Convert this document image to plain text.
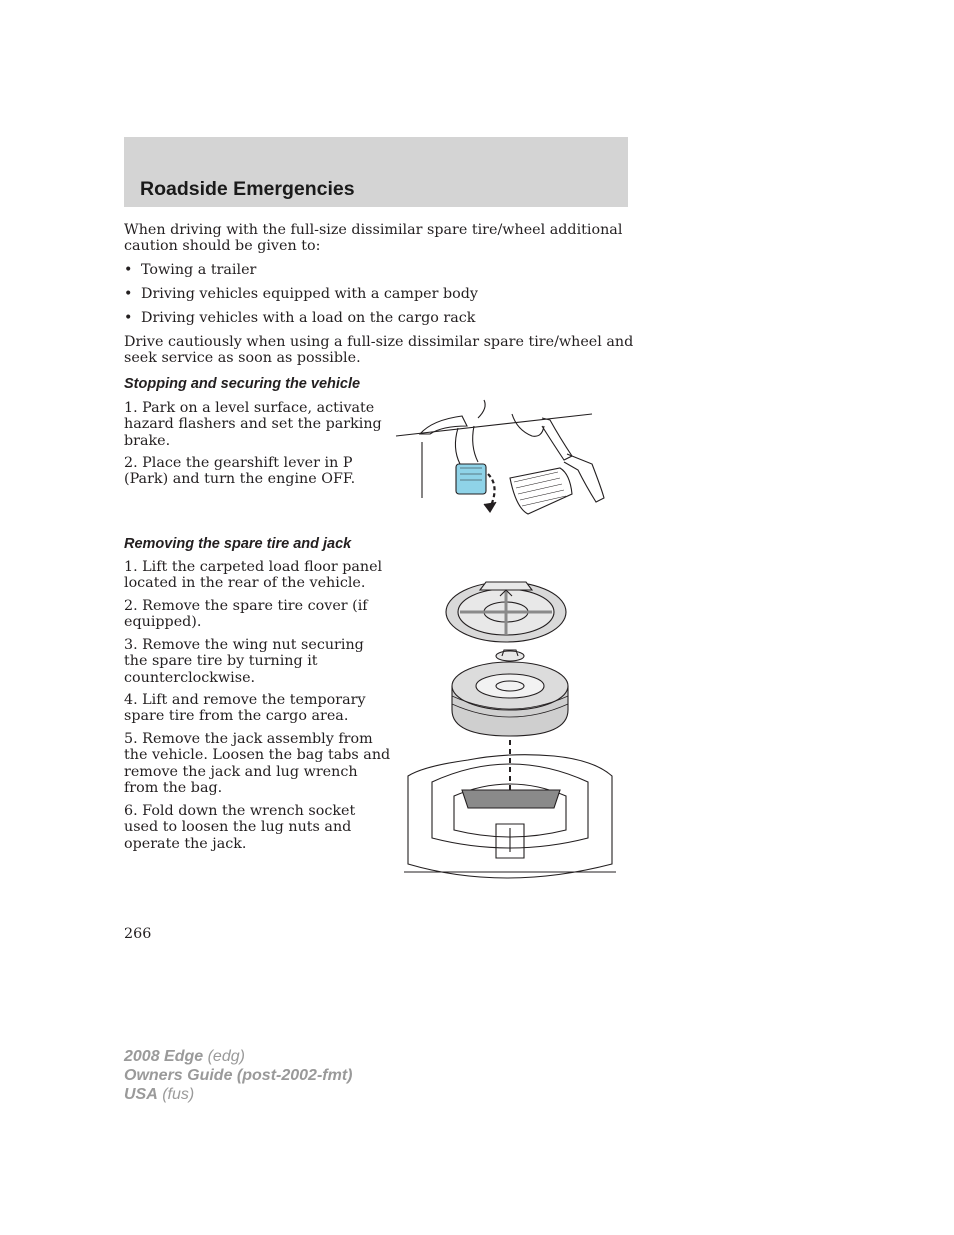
Roadside Emergencies

When driving with the full-size dissimilar spare tire/wheel additional
caution should be given to:

• Towing a trailer

• Driving vehicles equipped with a camper body

• Driving vehicles with a load on the cargo rack

Drive cautiously when using a full-size dissimilar spare tire/wheel and
seek service as soon as possible.

Stopping and securing the vehicle

1. Park on a level surface, activate
hazard flashers and set the parking
brake.

2. Place the gearshift lever in P
(Park) and turn the engine OFF.

Removing the spare tire and jack

1. Lift the carpeted load floor panel
located in the rear of the vehicle.

2. Remove the spare tire cover (if
equipped).

3. Remove the wing nut securing
the spare tire by turning it
counterclockwise.

4. Lift and remove the temporary
spare tire from the cargo area.

5. Remove the jack assembly from
the vehicle. Loosen the bag tabs and
remove the jack and lug wrench
from the bag.

6. Fold down the wrench socket
used to loosen the lug nuts and
operate the jack.

266

2008 Edge (edg)
Owners Guide (post-2002-fmt)
USA (fus)
